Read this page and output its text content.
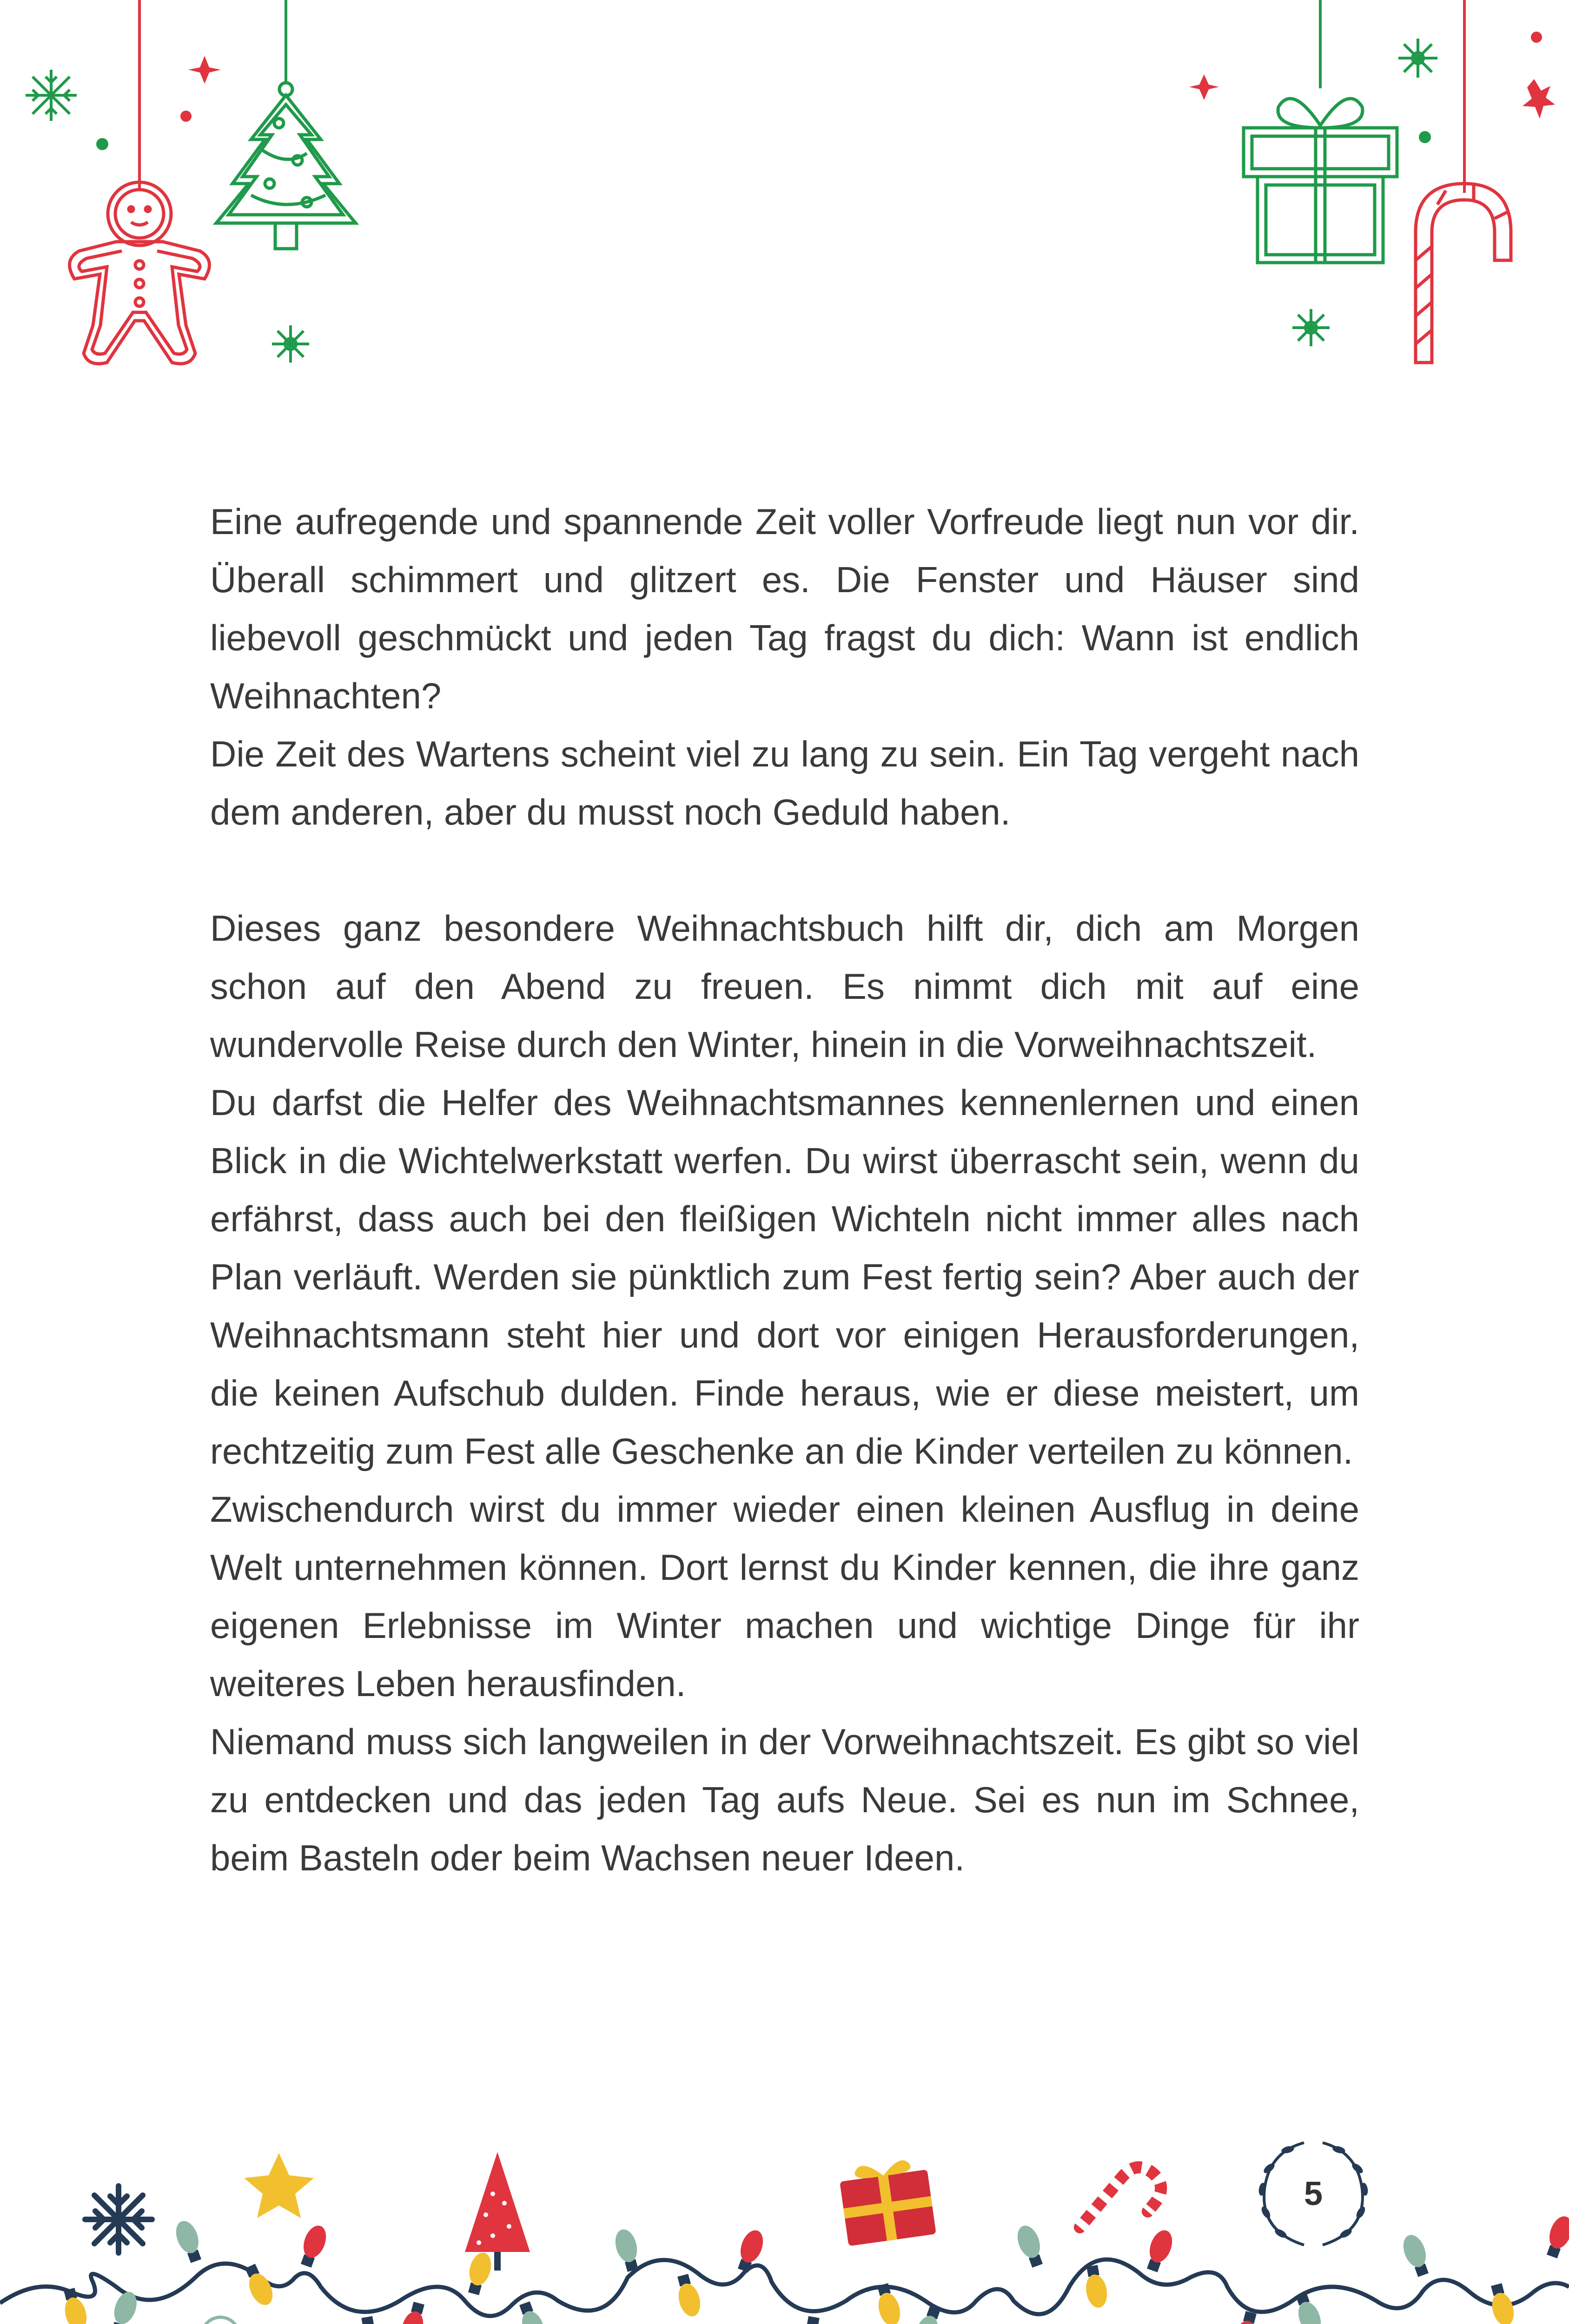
Eine aufregende und spannende Zeit voller Vorfreude liegt nun vor dir. Überall schimmert und glitzert es. Die Fenster und Häuser sind liebevoll geschmückt und jeden Tag fragst du dich: Wann ist endlich Weihnachten?

Die Zeit des Wartens scheint viel zu lang zu sein. Ein Tag vergeht nach dem anderen, aber du musst noch Geduld haben.

Dieses ganz besondere Weihnachtsbuch hilft dir, dich am Morgen schon auf den Abend zu freuen. Es nimmt dich mit auf eine wundervolle Reise durch den Winter, hinein in die Vorweihnachtszeit.

Du darfst die Helfer des Weihnachtsmannes kennenlernen und einen Blick in die Wichtelwerkstatt werfen. Du wirst überrascht sein, wenn du erfährst, dass auch bei den fleißigen Wichteln nicht immer alles nach Plan verläuft. Werden sie pünktlich zum Fest fertig sein? Aber auch der Weihnachtsmann steht hier und dort vor einigen Herausforderungen, die keinen Aufschub dulden. Finde heraus, wie er diese meistert, um rechtzeitig zum Fest alle Geschenke an die Kinder verteilen zu können.

Zwischendurch wirst du immer wieder einen kleinen Ausflug in deine Welt unternehmen können. Dort lernst du Kinder kennen, die ihre ganz eigenen Erlebnisse im Winter machen und wichtige Dinge für ihr weiteres Leben herausfinden.

Niemand muss sich langweilen in der Vorweihnachtszeit. Es gibt so viel zu entdecken und das jeden Tag aufs Neue. Sei es nun im Schnee, beim Basteln oder beim Wachsen neuer Ideen.

5
